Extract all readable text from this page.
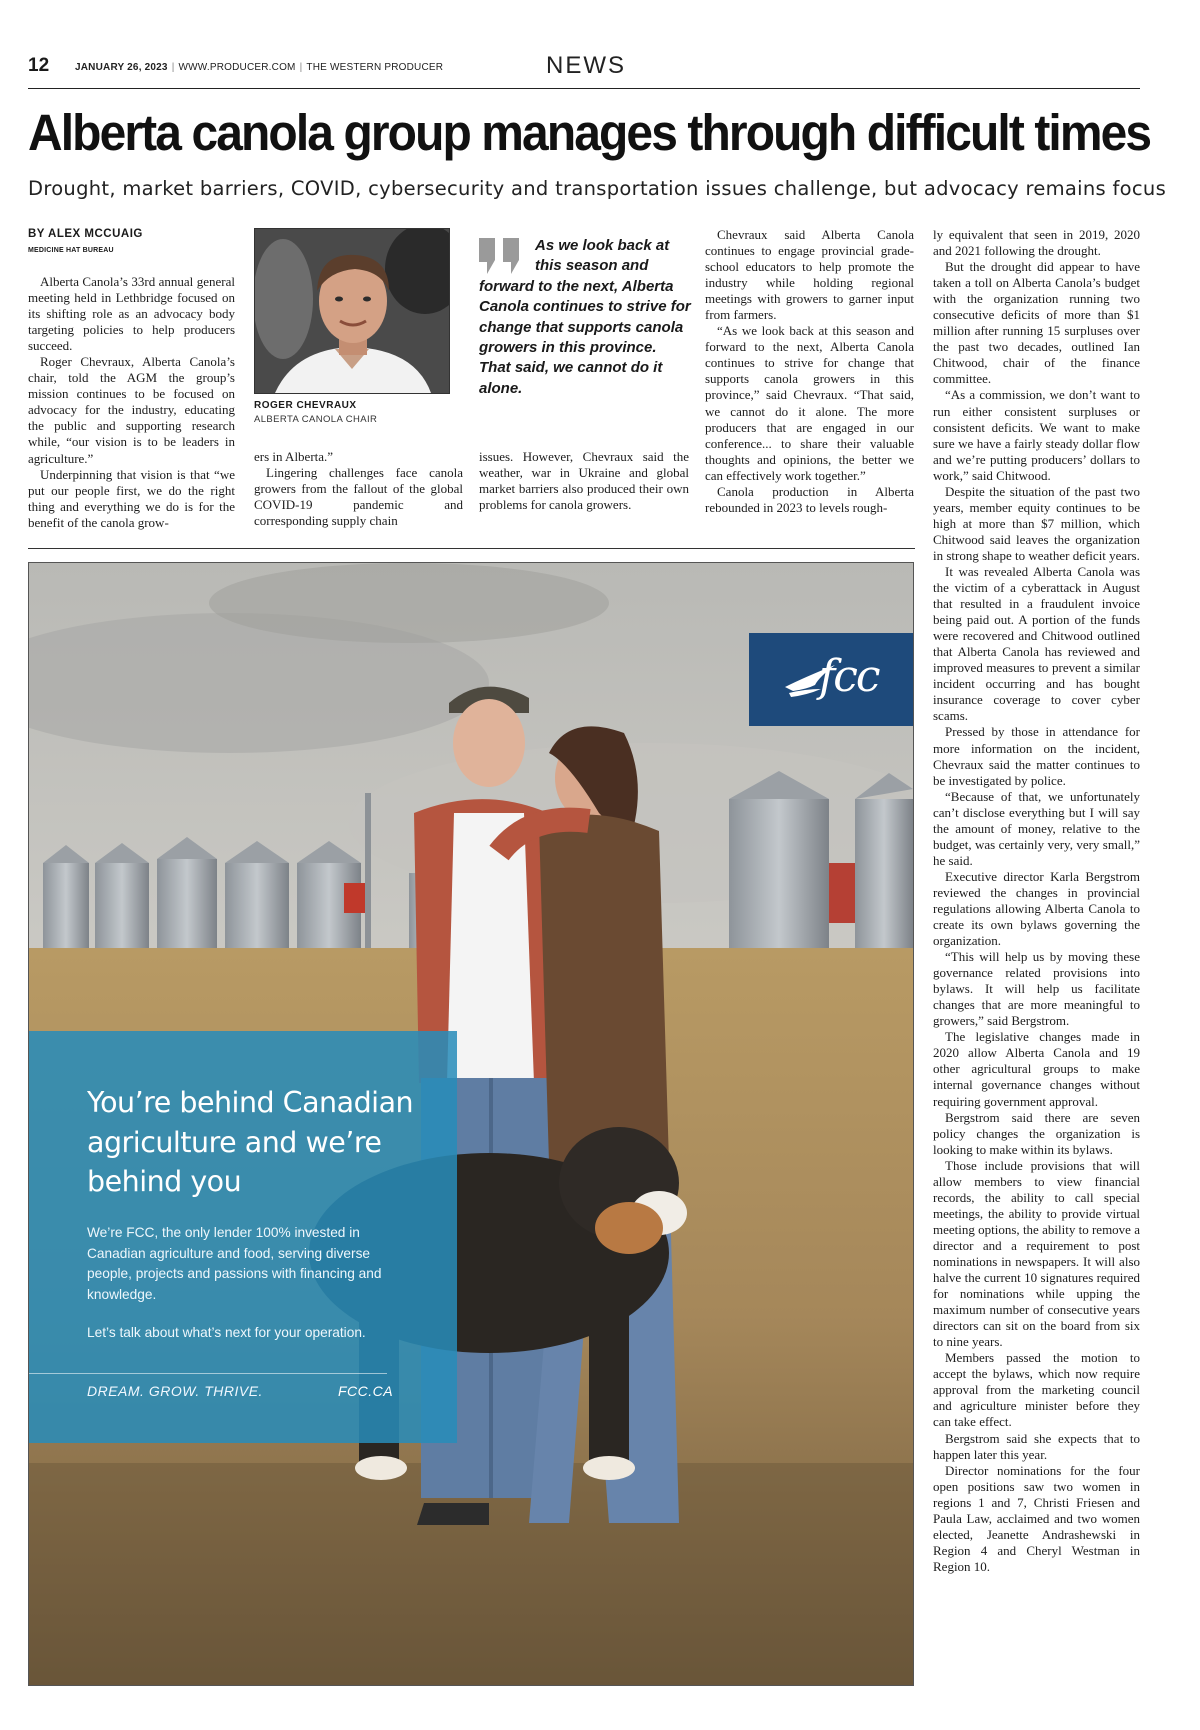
12	JANUARY 26, 2023 | WWW.PRODUCER.COM | THE WESTERN PRODUCER	NEWS
Alberta canola group manages through difficult times
Drought, market barriers, COVID, cybersecurity and transportation issues challenge, but advocacy remains focus
BY ALEX MCCUAIG
MEDICINE HAT BUREAU

Alberta Canola’s 33rd annual general meeting held in Lethbridge focused on its shifting role as an advocacy body targeting policies to help producers succeed.

Roger Chevraux, Alberta Canola’s chair, told the AGM the group’s mission continues to be focused on advocacy for the industry, educating the public and supporting research while, “our vision is to be leaders in agriculture.”

Underpinning that vision is that “we put our people first, we do the right thing and everything we do is for the benefit of the canola grow-

ROGER CHEVRAUX
ALBERTA CANOLA CHAIR
As we look back at this season and forward to the next, Alberta Canola continues to strive for change that supports canola growers in this province. That said, we cannot do it alone.

ers in Alberta.”

Lingering challenges face canola growers from the fallout of the global COVID-19 pandemic and corresponding supply chain

issues. However, Chevraux said the weather, war in Ukraine and global market barriers also produced their own problems for canola growers.

Chevraux said Alberta Canola continues to engage provincial grade-school educators to help promote the industry while holding regional meetings with growers to garner input from farmers.

“As we look back at this season and forward to the next, Alberta Canola continues to strive for change that supports canola growers in this province,” said Chevraux. “That said, we cannot do it alone. The more producers that are engaged in our conference... to share their valuable thoughts and opinions, the better we can effectively work together.”

Canola production in Alberta rebounded in 2023 to levels rough-

ly equivalent that seen in 2019, 2020 and 2021 following the drought.

But the drought did appear to have taken a toll on Alberta Canola’s budget with the organization running two consecutive deficits of more than $1 million after running 15 surpluses over the past two decades, outlined Ian Chitwood, chair of the finance committee.

“As a commission, we don’t want to run either consistent surpluses or consistent deficits. We want to make sure we have a fairly steady dollar flow and we’re putting producers’ dollars to work,” said Chitwood.

Despite the situation of the past two years, member equity continues to be high at more than $7 million, which Chitwood said leaves the organization in strong shape to weather deficit years.

It was revealed Alberta Canola was the victim of a cyberattack in August that resulted in a fraudulent invoice being paid out. A portion of the funds were recovered and Chitwood outlined that Alberta Canola has reviewed and improved measures to prevent a similar incident occurring and has bought insurance coverage to cover cyber scams.

Pressed by those in attendance for more information on the incident, Chevraux said the matter continues to be investigated by police.

“Because of that, we unfortunately can’t disclose everything but I will say the amount of money, relative to the budget, was certainly very, very small,” he said.

Executive director Karla Bergstrom reviewed the changes in provincial regulations allowing Alberta Canola to create its own bylaws governing the organization.

“This will help us by moving these governance related provisions into bylaws. It will help us facilitate changes that are more meaningful to growers,” said Bergstrom.

The legislative changes made in 2020 allow Alberta Canola and 19 other agricultural groups to make internal governance changes without requiring government approval.

Bergstrom said there are seven policy changes the organization is looking to make within its bylaws.

Those include provisions that will allow members to view financial records, the ability to call special meetings, the ability to provide virtual meeting options, the ability to remove a director and a requirement to post nominations in newspapers. It will also halve the current 10 signatures required for nominations while upping the maximum number of consecutive years directors can sit on the board from six to nine years.

Members passed the motion to accept the bylaws, which now require approval from the marketing council and agriculture minister before they can take effect.

Bergstrom said she expects that to happen later this year.

Director nominations for the four open positions saw two women in regions 1 and 7, Christi Friesen and Paula Law, acclaimed and two women elected, Jeanette Andrashewski in Region 4 and Cheryl Westman in Region 10.

fcc
You’re behind Canadian agriculture and we’re behind you
We’re FCC, the only lender 100% invested in Canadian agriculture and food, serving diverse people, projects and passions with financing and knowledge.
Let’s talk about what’s next for your operation.
DREAM. GROW. THRIVE.	FCC.CA
